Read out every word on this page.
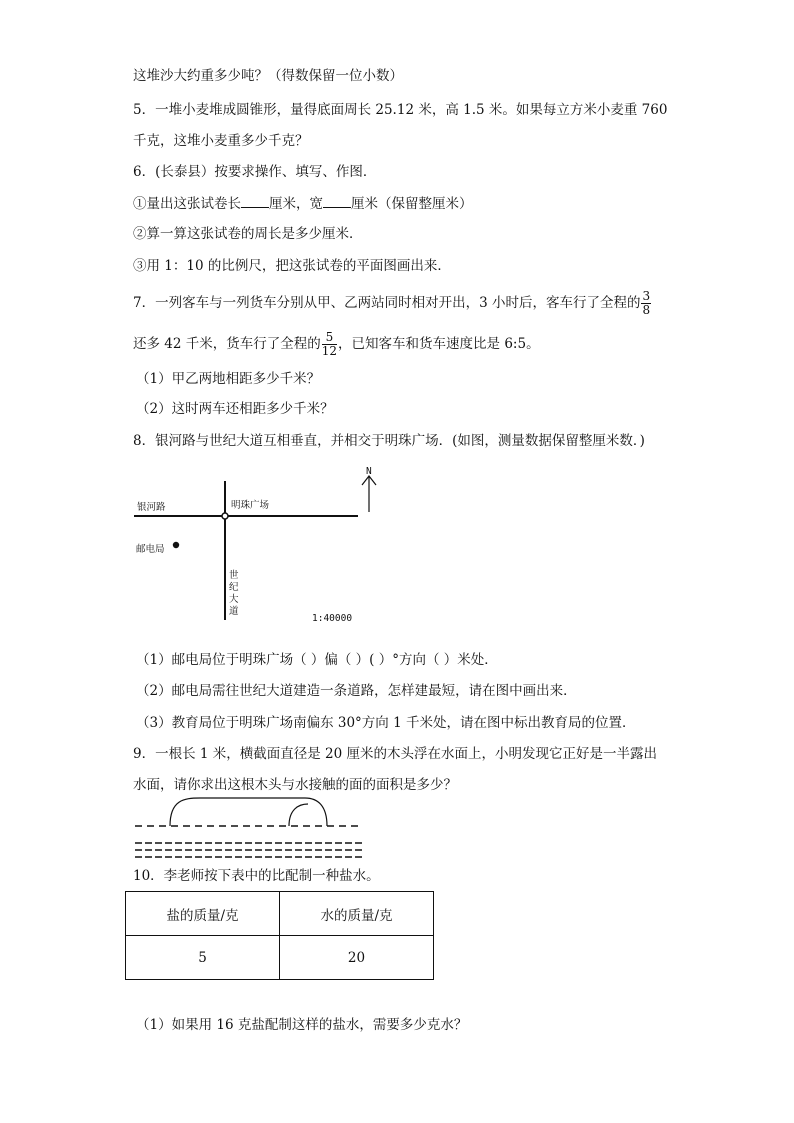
这堆沙大约重多少吨？（得数保留一位小数）
5．一堆小麦堆成圆锥形，量得底面周长 25.12 米，高 1.5 米。如果每立方米小麦重 760
千克，这堆小麦重多少千克？
6．(长泰县）按要求操作、填写、作图．
①量出这张试卷长 厘米，宽 厘米（保留整厘米）
②算一算这张试卷的周长是多少厘米．
③用 1：10 的比例尺，把这张试卷的平面图画出来．
7．一列客车与一列货车分别从甲、乙两站同时相对开出，3 小时后，客车行了全程的 $\frac{3}{8}$
还多 42 千米，货车行了全程的 $\frac{5}{12}$ ，已知客车和货车速度比是 6:5。
（1）甲乙两地相距多少千米？
（2）这时两车还相距多少千米？
8．银河路与世纪大道互相垂直，并相交于明珠广场．(如图，测量数据保留整厘米数．)
N
银河路	明珠广场
邮电局
世
纪
大
道
1:40000
（1）邮电局位于明珠广场（ ）偏（ ）( ）°方向（ ）米处．
（2）邮电局需往世纪大道建造一条道路，怎样建最短，请在图中画出来．
（3）教育局位于明珠广场南偏东 30°方向 1 千米处，请在图中标出教育局的位置．
9．一根长 1 米，横截面直径是 20 厘米的木头浮在水面上，小明发现它正好是一半露出
水面，请你求出这根木头与水接触的面的面积是多少？
10．李老师按下表中的比配制一种盐水。
盐的质量/克	水的质量/克
5	20
（1）如果用 16 克盐配制这样的盐水，需要多少克水？
